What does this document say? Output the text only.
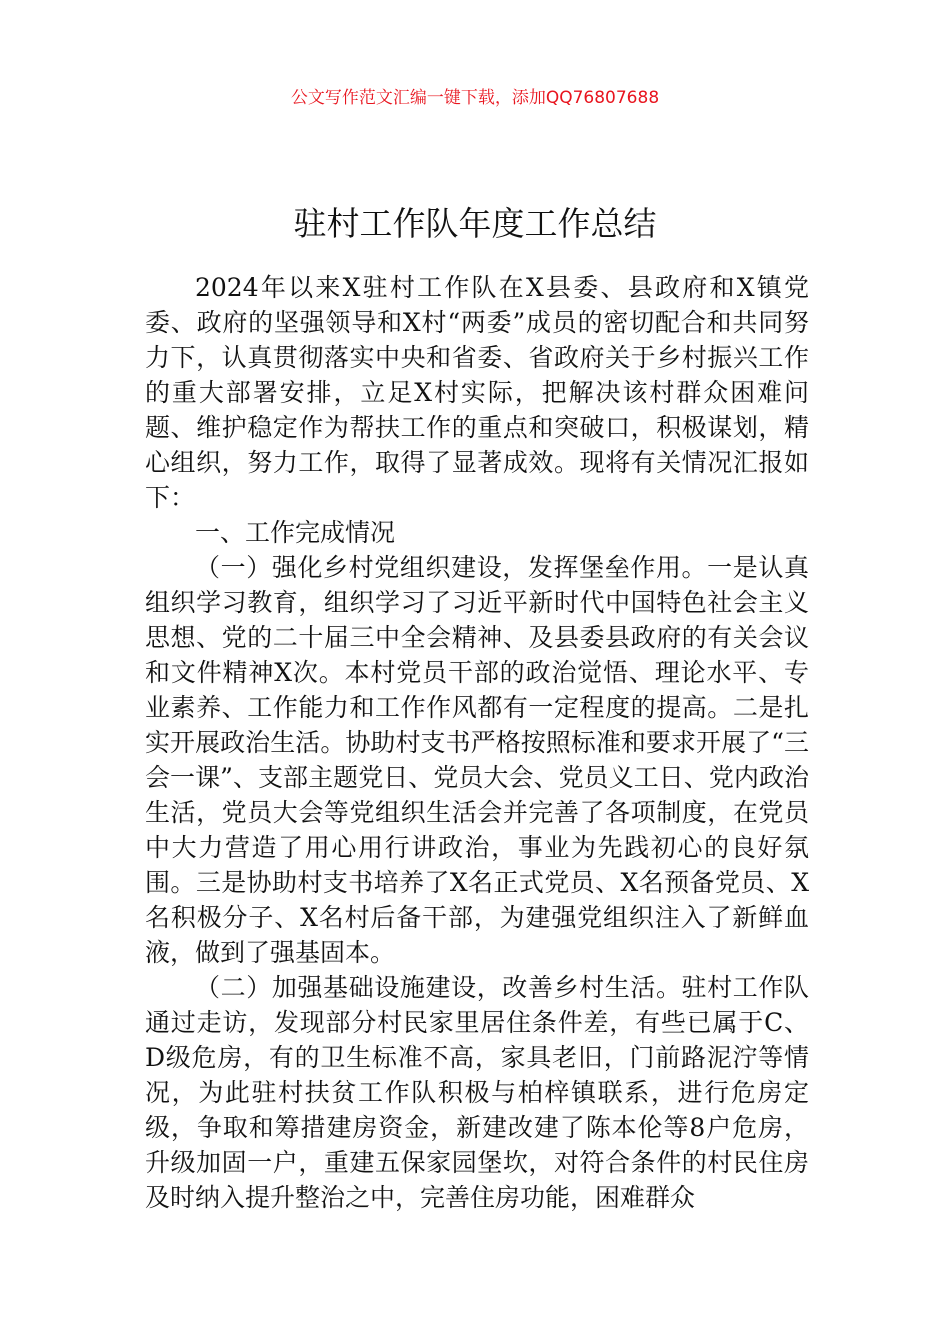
公文写作范文汇编一键下载，添加QQ76807688
驻村工作队年度工作总结

2024年以来X驻村工作队在X县委、县政府和X镇党委、政府的坚强领导和X村“两委”成员的密切配合和共同努力下，认真贯彻落实中央和省委、省政府关于乡村振兴工作的重大部署安排，立足X村实际，把解决该村群众困难问题、维护稳定作为帮扶工作的重点和突破口，积极谋划，精心组织，努力工作，取得了显著成效。现将有关情况汇报如下：

一、工作完成情况

（一）强化乡村党组织建设，发挥堡垒作用。一是认真组织学习教育，组织学习了习近平新时代中国特色社会主义思想、党的二十届三中全会精神、及县委县政府的有关会议和文件精神X次。本村党员干部的政治觉悟、理论水平、专业素养、工作能力和工作作风都有一定程度的提高。二是扎实开展政治生活。协助村支书严格按照标准和要求开展了“三会一课”、支部主题党日、党员大会、党员义工日、党内政治生活，党员大会等党组织生活会并完善了各项制度，在党员中大力营造了用心用行讲政治，事业为先践初心的良好氛围。三是协助村支书培养了X名正式党员、X名预备党员、X名积极分子、X名村后备干部，为建强党组织注入了新鲜血液，做到了强基固本。

（二）加强基础设施建设，改善乡村生活。驻村工作队通过走访，发现部分村民家里居住条件差，有些已属于C、D级危房，有的卫生标准不高，家具老旧，门前路泥泞等情况，为此驻村扶贫工作队积极与柏梓镇联系，进行危房定级，争取和筹措建房资金，新建改建了陈本伦等8户危房，升级加固一户，重建五保家园堡坎，对符合条件的村民住房及时纳入提升整治之中，完善住房功能，困难群众
